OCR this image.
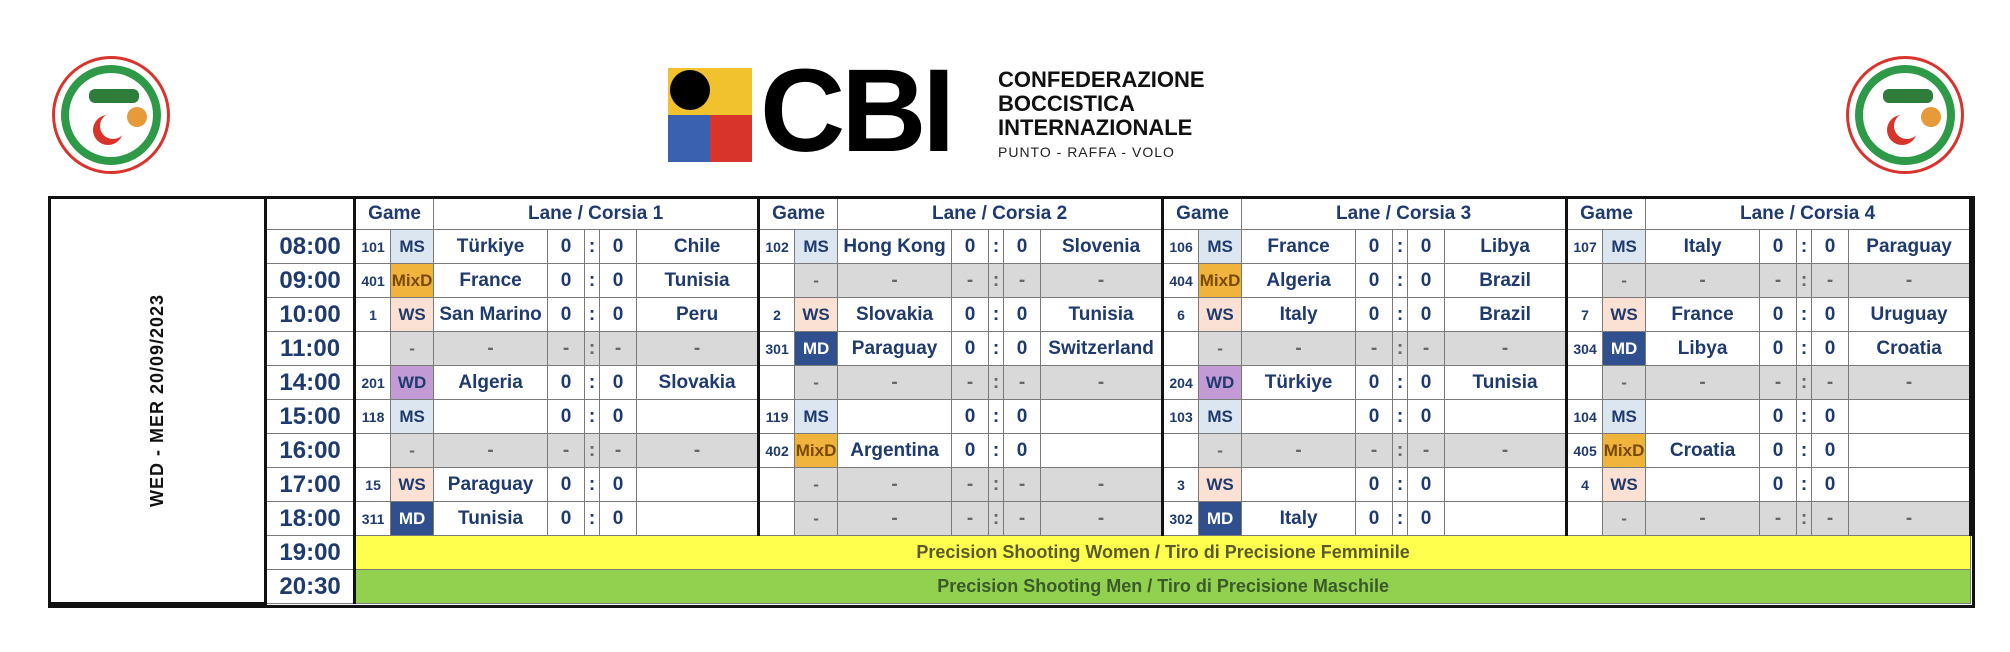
CBI CONFEDERAZIONE
BOCCISTICA
INTERNAZIONALE
PUNTO - RAFFA - VOLO
WED - MER 20/09/2023		Game		Lane / Corsia 1					Game		Lane / Corsia 2					Game		Lane / Corsia 3					Game		Lane / Corsia 4				
	08:00	101	MS	Türkiye	0	:	0	Chile	102	MS	Hong Kong	0	:	0	Slovenia	106	MS	France	0	:	0	Libya	107	MS	Italy	0	:	0	Paraguay
	09:00	401	MixD	France	0	:	0	Tunisia		-	-	-	:	-	-	404	MixD	Algeria	0	:	0	Brazil		-	-	-	:	-	-
	10:00	1	WS	San Marino	0	:	0	Peru	2	WS	Slovakia	0	:	0	Tunisia	6	WS	Italy	0	:	0	Brazil	7	WS	France	0	:	0	Uruguay
	11:00		-	-	-	:	-	-	301	MD	Paraguay	0	:	0	Switzerland		-	-	-	:	-	-	304	MD	Libya	0	:	0	Croatia
	14:00	201	WD	Algeria	0	:	0	Slovakia		-	-	-	:	-	-	204	WD	Türkiye	0	:	0	Tunisia		-	-	-	:	-	-
	15:00	118	MS		0	:	0		119	MS		0	:	0		103	MS		0	:	0		104	MS		0	:	0	
	16:00		-	-	-	:	-	-	402	MixD	Argentina	0	:	0			-	-	-	:	-	-	405	MixD	Croatia	0	:	0	
	17:00	15	WS	Paraguay	0	:	0			-	-	-	:	-	-	3	WS		0	:	0		4	WS		0	:	0	
	18:00	311	MD	Tunisia	0	:	0			-	-	-	:	-	-	302	MD	Italy	0	:	0			-	-	-	:	-	-
	19:00	Precision Shooting Women / Tiro di Precisione Femminile																											
	20:30	Precision Shooting Men / Tiro di Precisione Maschile																											
